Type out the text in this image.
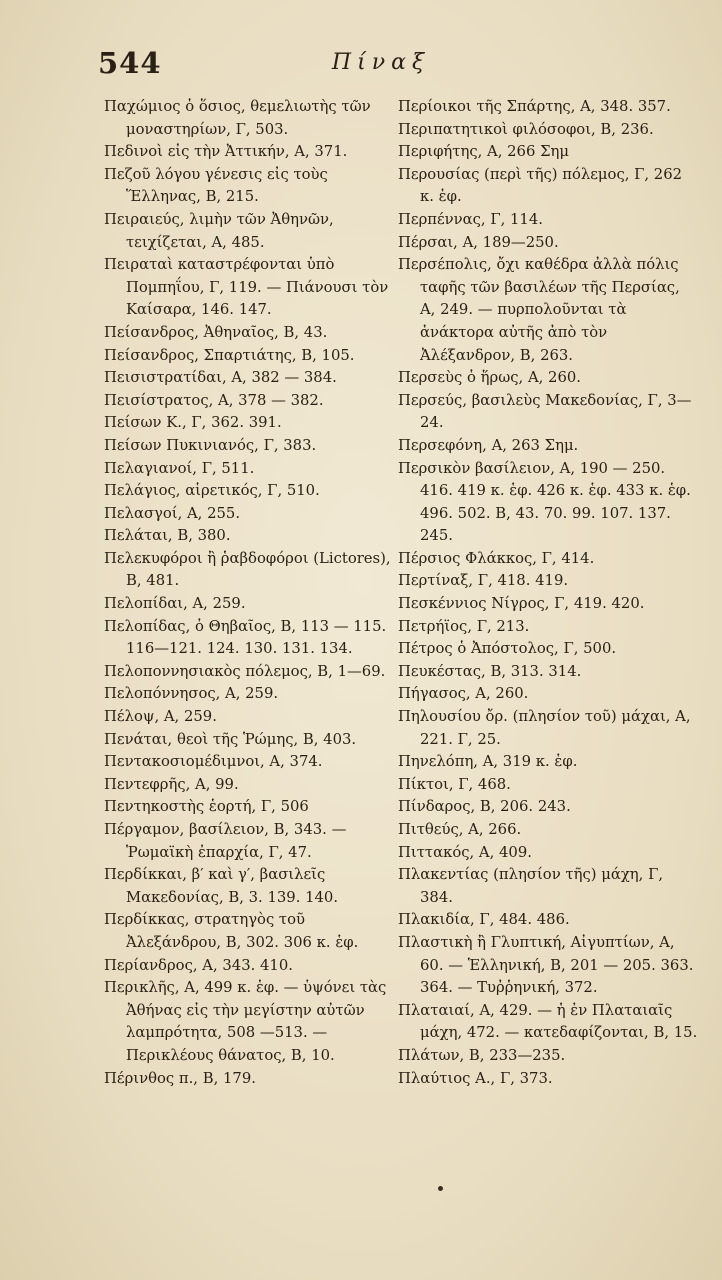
544	Πίναξ

Παχώμιος ὁ ὅσιος, θεμελιωτὴς τῶν μοναστηρίων, Γ, 503.

Πεδινοὶ εἰς τὴν Ἀττικήν, Α, 371.

Πεζοῦ λόγου γένεσις εἰς τοὺς Ἕλληνας, Β, 215.

Πειραιεύς, λιμὴν τῶν Ἀθηνῶν, τειχίζεται, Α, 485.

Πειραταὶ καταστρέφονται ὑπὸ Πομπηΐου, Γ, 119. — Πιάνουσι τὸν Καίσαρα, 146. 147.

Πείσανδρος, Ἀθηναῖος, Β, 43.

Πείσανδρος, Σπαρτιάτης, Β, 105.

Πεισιστρατίδαι, Α, 382 — 384.

Πεισίστρατος, Α, 378 — 382.

Πείσων Κ., Γ, 362. 391.

Πείσων Πυκινιανός, Γ, 383.

Πελαγιανοί, Γ, 511.

Πελάγιος, αἱρετικός, Γ, 510.

Πελασγοί, Α, 255.

Πελάται, Β, 380.

Πελεκυφόροι ἢ ῥαβδοφόροι (Lictores), Β, 481.

Πελοπίδαι, Α, 259.

Πελοπίδας, ὁ Θηβαῖος, Β, 113 — 115. 116—121. 124. 130. 131. 134.

Πελοποννησιακὸς πόλεμος, Β, 1—69.

Πελοπόννησος, Α, 259.

Πέλοψ, Α, 259.

Πενάται, θεοὶ τῆς Ῥώμης, Β, 403.

Πεντακοσιομέδιμνοι, Α, 374.

Πεντεφρῆς, Α, 99.

Πεντηκοστὴς ἑορτή, Γ, 506

Πέργαμον, βασίλειον, Β, 343. — Ῥωμαϊκὴ ἐπαρχία, Γ, 47.

Περδίκκαι, β′ καὶ γ′, βασιλεῖς Μακεδονίας, Β, 3. 139. 140.

Περδίκκας, στρατηγὸς τοῦ Ἀλεξάνδρου, Β, 302. 306 κ. ἑφ.

Περίανδρος, Α, 343. 410.

Περικλῆς, Α, 499 κ. ἑφ. — ὑψόνει τὰς Ἀθήνας εἰς τὴν μεγίστην αὐτῶν λαμπρότητα, 508 —513. — Περικλέους θάνατος, Β, 10.

Πέρινθος π., Β, 179.

Περίοικοι τῆς Σπάρτης, Α, 348. 357.

Περιπατητικοὶ φιλόσοφοι, Β, 236.

Περιφήτης, Α, 266 Σημ

Περουσίας (περὶ τῆς) πόλεμος, Γ, 262 κ. ἑφ.

Περπέννας, Γ, 114.

Πέρσαι, Α, 189—250.

Περσέπολις, ὄχι καθέδρα ἀλλὰ πόλις ταφῆς τῶν βασιλέων τῆς Περσίας, Α, 249. — πυρπολοῦνται τὰ ἀνάκτορα αὐτῆς ἀπὸ τὸν Ἀλέξανδρον, Β, 263.

Περσεὺς ὁ ἥρως, Α, 260.

Περσεύς, βασιλεὺς Μακεδονίας, Γ, 3—24.

Περσεφόνη, Α, 263 Σημ.

Περσικὸν βασίλειον, Α, 190 — 250. 416. 419 κ. ἑφ. 426 κ. ἑφ. 433 κ. ἑφ. 496. 502. Β, 43. 70. 99. 107. 137. 245.

Πέρσιος Φλάκκος, Γ, 414.

Περτίναξ, Γ, 418. 419.

Πεσκέννιος Νίγρος, Γ, 419. 420.

Πετρήϊος, Γ, 213.

Πέτρος ὁ Ἀπόστολος, Γ, 500.

Πευκέστας, Β, 313. 314.

Πήγασος, Α, 260.

Πηλουσίου ὄρ. (πλησίον τοῦ) μάχαι, Α, 221. Γ, 25.

Πηνελόπη, Α, 319 κ. ἑφ.

Πίκτοι, Γ, 468.

Πίνδαρος, Β, 206. 243.

Πιτθεύς, Α, 266.

Πιττακός, Α, 409.

Πλακεντίας (πλησίον τῆς) μάχη, Γ, 384.

Πλακιδία, Γ, 484. 486.

Πλαστικὴ ἢ Γλυπτική, Αἰγυπτίων, Α, 60. — Ἑλληνική, Β, 201 — 205. 363. 364. — Τυῤῥηνική, 372.

Πλαταιαί, Α, 429. — ἡ ἐν Πλαταιαῖς μάχη, 472. — κατεδαφίζονται, Β, 15.

Πλάτων, Β, 233—235.

Πλαύτιος Α., Γ, 373.
